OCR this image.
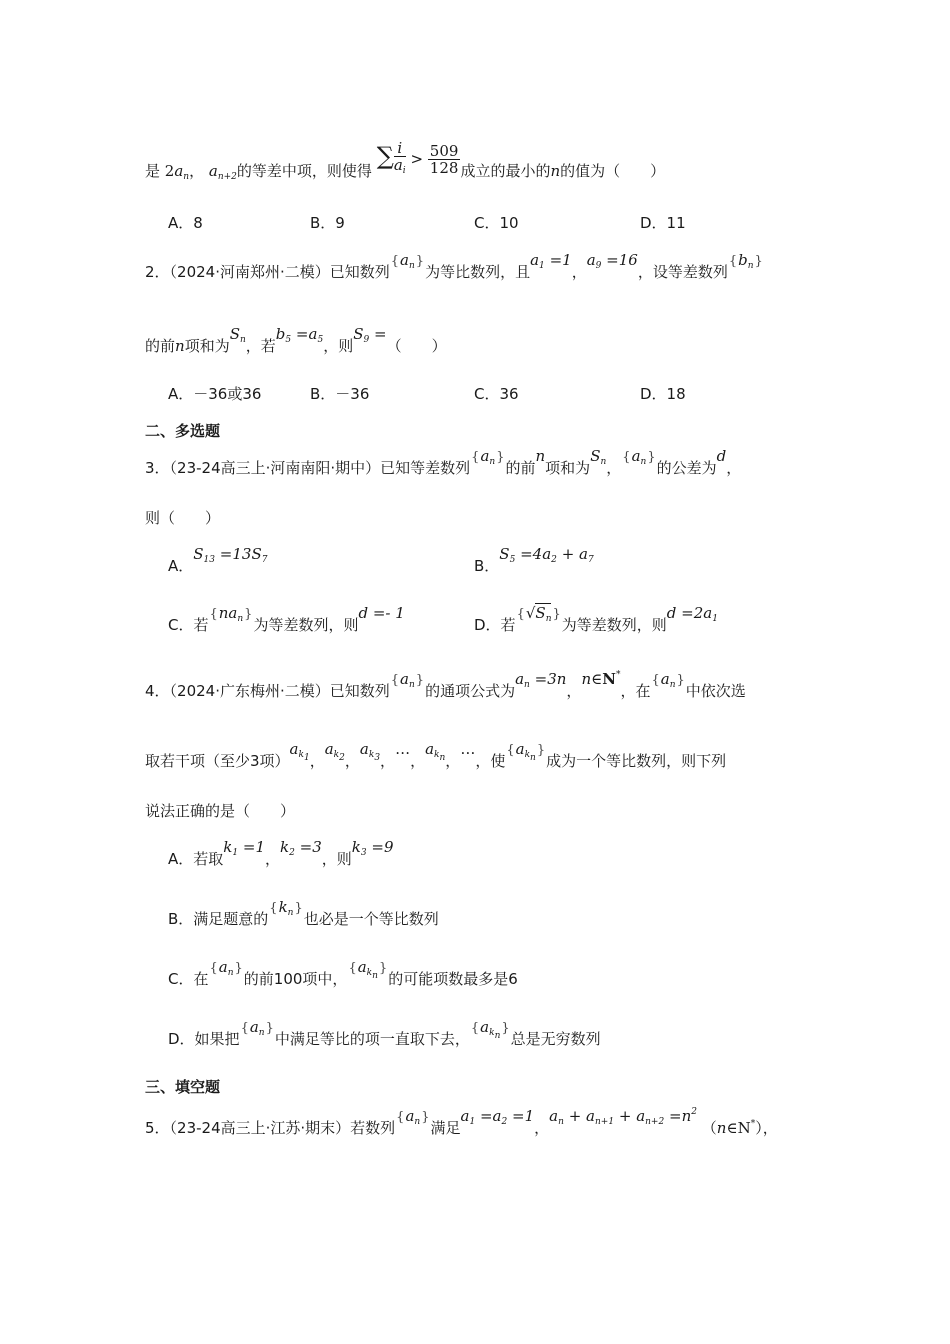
是 $2a_n$， $a_{n+2}$的等差中项，则使得 ∑ $\frac{i}{a_i} > \frac{509}{128}$ 成立的最小的n的值为（　　）
A．8	B．9	C．10	D．11
2．（2024·河南郑州·二模）已知数列$\{a_n\}$为等比数列，且$a_1 =1$，$a_9 =16$，设等差数列$\{b_n\}$
的前n项和为$S_n$，若$b_5 =a_5$，则$S_9$ =（　　）
A．－36或36	B．－36	C．36	D．18
二、多选题
3．（23-24高三上·河南南阳·期中）已知等差数列$\{a_n\}$的前n项和为$S_n$，$\{a_n\}$的公差为d，
则（　　）
A．$S_{13} =13S_7$	B．$S_5 =4a_2 + a_7$
C．若$\{na_n\}$为等差数列，则d =- 1
D．若$\{√S_n\}$为等差数列，则$d =2a_1$
4．（2024·广东梅州·二模）已知数列$\{a_n\}$的通项公式为$a_n =3n$，n∈N*，在$\{a_n\}$中依次选
取若干项（至少3项）$a_{k_1}$，$a_{k_2}$，$a_{k_3}$，…，$a_{k_n}$，…，使$\{a_{k_n}\}$成为一个等比数列，则下列
说法正确的是（　　）
A．若取$k_1 =1$，$k_2 =3$，则$k_3 =9$
B．满足题意的$\{k_n\}$也必是一个等比数列
C．在$\{a_n\}$的前100项中，$\{a_{k_n}\}$的可能项数最多是6
D．如果把$\{a_n\}$中满足等比的项一直取下去，$\{a_{k_n}\}$总是无穷数列
三、填空题
5．（23-24高三上·江苏·期末）若数列$\{a_n\}$满足$a_1 =a_2 =1$，$a_n + a_{n+1} + a_{n+2} =n^2$ （n∈N*），
